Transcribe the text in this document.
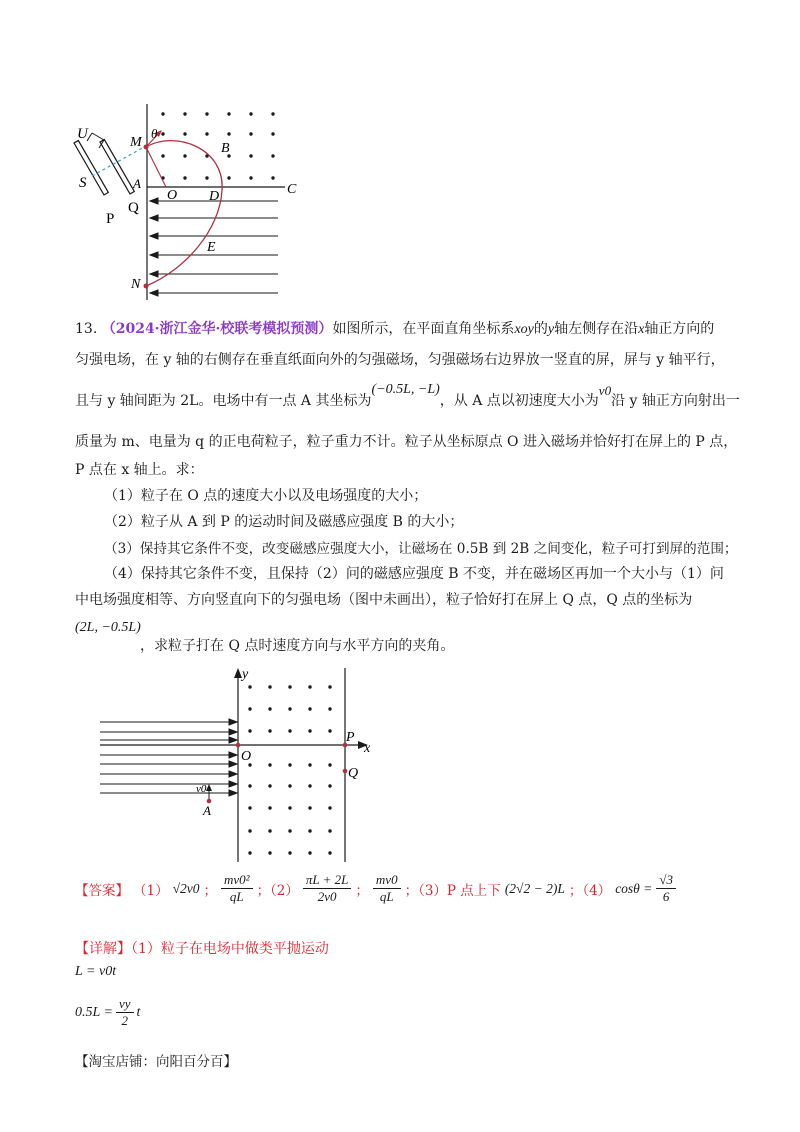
U
M
θ
B
S	A
O D	C
P
Q
E
N
13. （2024·浙江金华·校联考模拟预测）如图所示，在平面直角坐标系xoy的y轴左侧存在沿x轴正方向的
匀强电场，在 y 轴的右侧存在垂直纸面向外的匀强磁场，匀强磁场右边界放一竖直的屏，屏与 y 轴平行，
且与 y 轴间距为 2L。电场中有一点 A 其坐标为(−0.5L, −L)，从 A 点以初速度大小为v0沿 y 轴正方向射出一
质量为 m、电量为 q 的正电荷粒子，粒子重力不计。粒子从坐标原点 O 进入磁场并恰好打在屏上的 P 点，
P 点在 x 轴上。求：
（1）粒子在 O 点的速度大小以及电场强度的大小；
（2）粒子从 A 到 P 的运动时间及磁感应强度 B 的大小；
（3）保持其它条件不变，改变磁感应强度大小，让磁场在 0.5B 到 2B 之间变化，粒子可打到屏的范围；
（4）保持其它条件不变，且保持（2）问的磁感应强度 B 不变，并在磁场区再加一个大小与（1）问
中电场强度相等、方向竖直向下的匀强电场（图中未画出），粒子恰好打在屏上 Q 点，Q 点的坐标为
(2L, −0.5L)
，求粒子打在 Q 点时速度方向与水平方向的夹角。
y
x
P
O
Q
v0
A
【答案】 （1） √2v0 ； $\frac{\text{mv0²}}{qL}$ ；$(2) \frac{\pi L + 2L}{2v0}$ ； $\frac{mv0}{qL}$ ；（3）P 点上下 (2√2 − 2)L ；（4） $\cos\theta = \frac{√3}{6}$
【详解】（1）粒子在电场中做类平抛运动
L = v0t
$0.5L = \frac{vy}{2}$ t
【淘宝店铺：向阳百分百】
